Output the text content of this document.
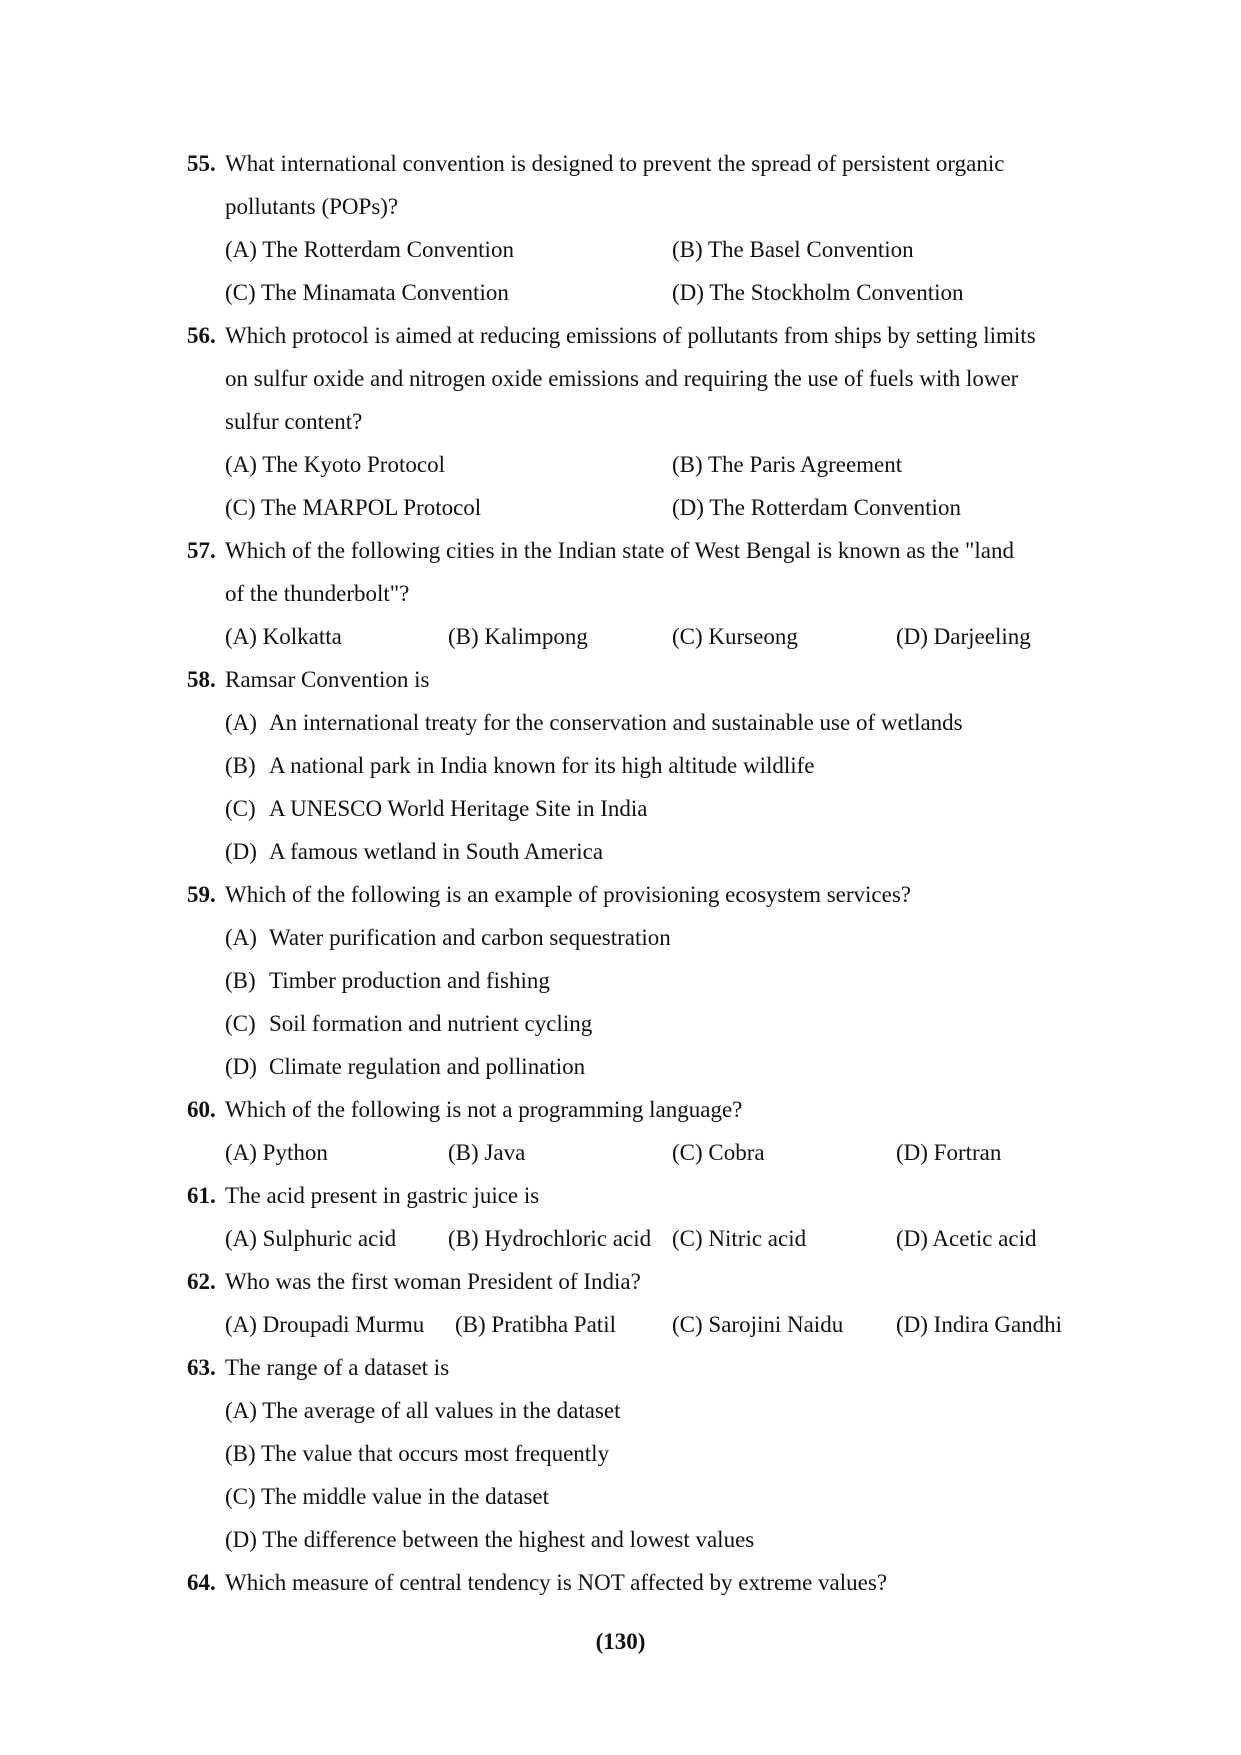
55. What international convention is designed to prevent the spread of persistent organic
pollutants (POPs)?
(A) The Rotterdam Convention	(B) The Basel Convention
(C) The Minamata Convention	(D) The Stockholm Convention
56. Which protocol is aimed at reducing emissions of pollutants from ships by setting limits
on sulfur oxide and nitrogen oxide emissions and requiring the use of fuels with lower
sulfur content?
(A) The Kyoto Protocol	(B) The Paris Agreement
(C) The MARPOL Protocol	(D) The Rotterdam Convention
57. Which of the following cities in the Indian state of West Bengal is known as the "land
of the thunderbolt"?
(A) Kolkatta	(B) Kalimpong	(C) Kurseong	(D) Darjeeling
58. Ramsar Convention is
(A) An international treaty for the conservation and sustainable use of wetlands
(B) A national park in India known for its high altitude wildlife
(C) A UNESCO World Heritage Site in India
(D) A famous wetland in South America
59. Which of the following is an example of provisioning ecosystem services?
(A) Water purification and carbon sequestration
(B) Timber production and fishing
(C) Soil formation and nutrient cycling
(D) Climate regulation and pollination
60. Which of the following is not a programming language?
(A) Python	(B) Java	(C) Cobra	(D) Fortran
61. The acid present in gastric juice is
(A) Sulphuric acid (B) Hydrochloric acid (C) Nitric acid	(D) Acetic acid
62. Who was the first woman President of India?
(A) Droupadi Murmu (B) Pratibha Patil (C) Sarojini Naidu (D) Indira Gandhi
63. The range of a dataset is
(A) The average of all values in the dataset
(B) The value that occurs most frequently
(C) The middle value in the dataset
(D) The difference between the highest and lowest values
64. Which measure of central tendency is NOT affected by extreme values?
(130)
